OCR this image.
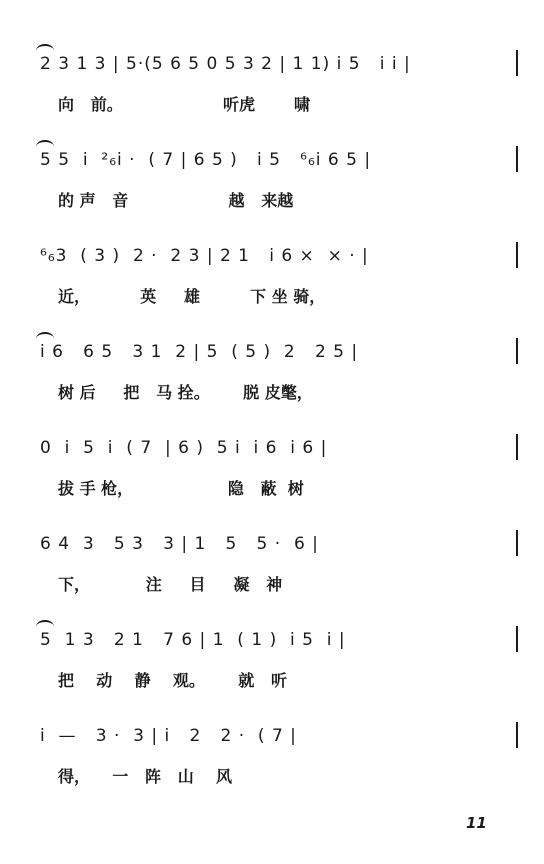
2 3 1 3 | 5·(5 6 5 0 5 3 2 | 1 1) i 5   i i |
向   前。                  听虎       啸
5 5  i  ²₆i ·  ( 7 | 6 5 )   i 5   ⁶₆i 6 5 |
的 声   音                  越   来越
⁶₆3  ( 3 )  2 ·  2 3 | 2 1   i 6 ×  × · |
近，         英     雄         下 坐 骑，
i 6   6 5   3 1  2 | 5  ( 5 )  2   2 5 |
树 后     把   马 拴。      脱 皮氅，
0  i  5  i  ( 7  | 6 )  5 i  i 6  i 6 |
拔 手 枪，                 隐   蔽  树
6 4  3   5 3   3 | 1   5   5 ·  6 |
下，          注     目     凝   神
5  1 3   2 1   7 6 | 1  ( 1 )  i 5  i |
把    动    静    观。      就   听
i  —   3 ·  3 | i   2   2 ·  ( 7 |
得，    一   阵   山    风
11
